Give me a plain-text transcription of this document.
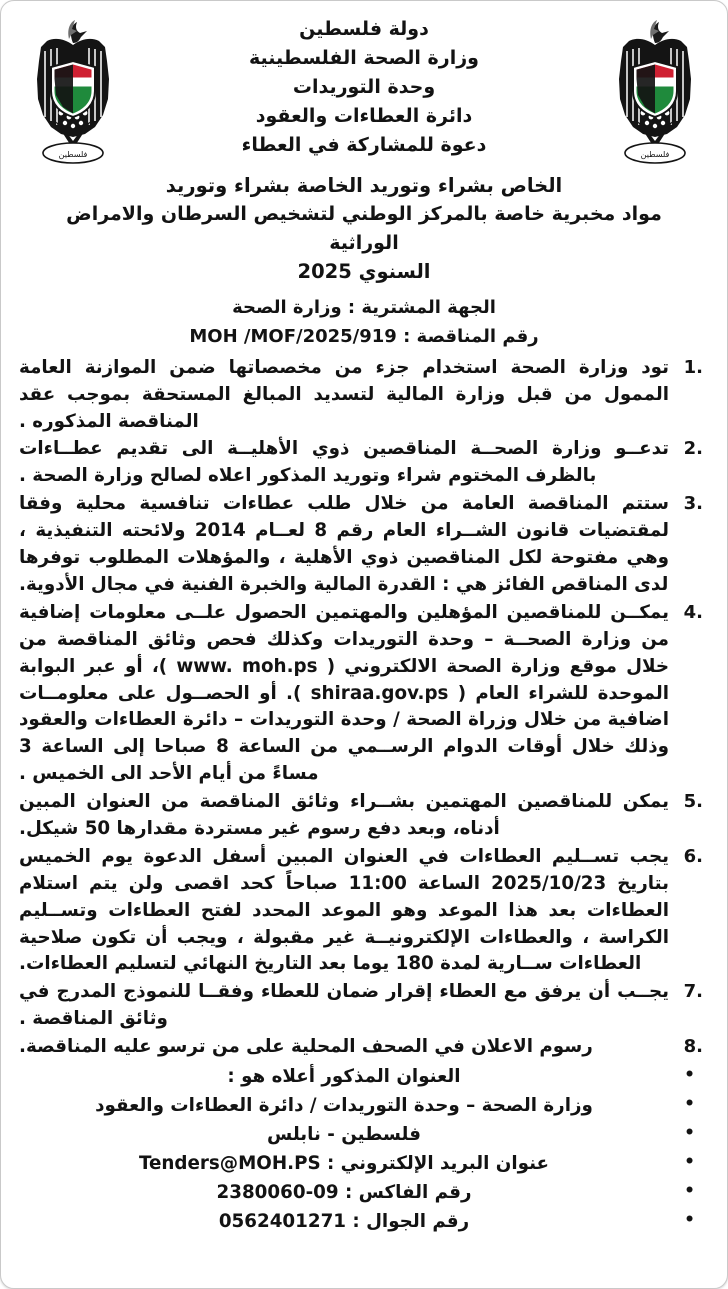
فلسطين	فلسطين
دولة فلسطين
وزارة الصحة الفلسطينية
وحدة التوريدات
دائرة العطاءات والعقود
دعوة للمشاركة في العطاء
الخاص بشراء وتوريد الخاصة بشراء وتوريد
مواد مخبرية خاصة بالمركز الوطني لتشخيص السرطان والامراض الوراثية
السنوي 2025
الجهة المشترية : وزارة الصحة
رقم المناقصة : MOH /MOF/2025/919
تود وزارة الصحة استخدام جزء من مخصصاتها ضمن الموازنة العامة الممول من قبل وزارة المالية لتسديد المبالغ المستحقة بموجب عقد المناقصة المذكوره .
تدعــو وزارة الصحــة المناقصين ذوي الأهليــة الى تقديم عطــاءات بالظرف المختوم شراء وتوريد المذكور اعلاه لصالح وزارة الصحة .
ستتم المناقصة العامة من خلال طلب عطاءات تنافسية محلية وفقا لمقتضيات قانون الشــراء العام رقم 8 لعــام 2014 ولائحته التنفيذية ، وهي مفتوحة لكل المناقصين ذوي الأهلية ، والمؤهلات المطلوب توفرها لدى المناقص الفائز هي : القدرة المالية والخبرة الفنية في مجال الأدوية.
يمكــن للمناقصين المؤهلين والمهتمين الحصول علــى معلومات إضافية من وزارة الصحــة – وحدة التوريدات وكذلك فحص وثائق المناقصة من خلال موقع وزارة الصحة الالكتروني ( www. moh.ps )، أو عبر البوابة الموحدة للشراء العام ( shiraa.gov.ps ). أو الحصــول على معلومــات اضافية من خلال وزراة الصحة / وحدة التوريدات – دائرة العطاءات والعقود وذلك خلال أوقات الدوام الرســمي من الساعة 8 صباحا إلى الساعة 3 مساءً من أيام الأحد الى الخميس .
يمكن للمناقصين المهتمين بشــراء وثائق المناقصة من العنوان المبين أدناه، وبعد دفع رسوم غير مستردة مقدارها 50 شيكل.
يجب تســليم العطاءات في العنوان المبين أسفل الدعوة يوم الخميس بتاريخ 2025/10/23 الساعة 11:00 صباحاً كحد اقصى ولن يتم استلام العطاءات بعد هذا الموعد وهو الموعد المحدد لفتح العطاءات وتســليم الكراسة ، والعطاءات الإلكترونيــة غير مقبولة ، ويجب أن تكون صلاحية العطاءات ســارية لمدة 180 يوما بعد التاريخ النهائي لتسليم العطاءات.
يجــب أن يرفق مع العطاء إقرار ضمان للعطاء وفقــا للنموذج المدرج في وثائق المناقصة .
رسوم الاعلان في الصحف المحلية على من ترسو عليه المناقصة.
• العنوان المذكور أعلاه هو :
• وزارة الصحة – وحدة التوريدات / دائرة العطاءات والعقود
• فلسطين - نابلس
• عنوان البريد الإلكتروني : Tenders@MOH.PS
• رقم الفاكس : 09-2380060
• رقم الجوال : 0562401271
